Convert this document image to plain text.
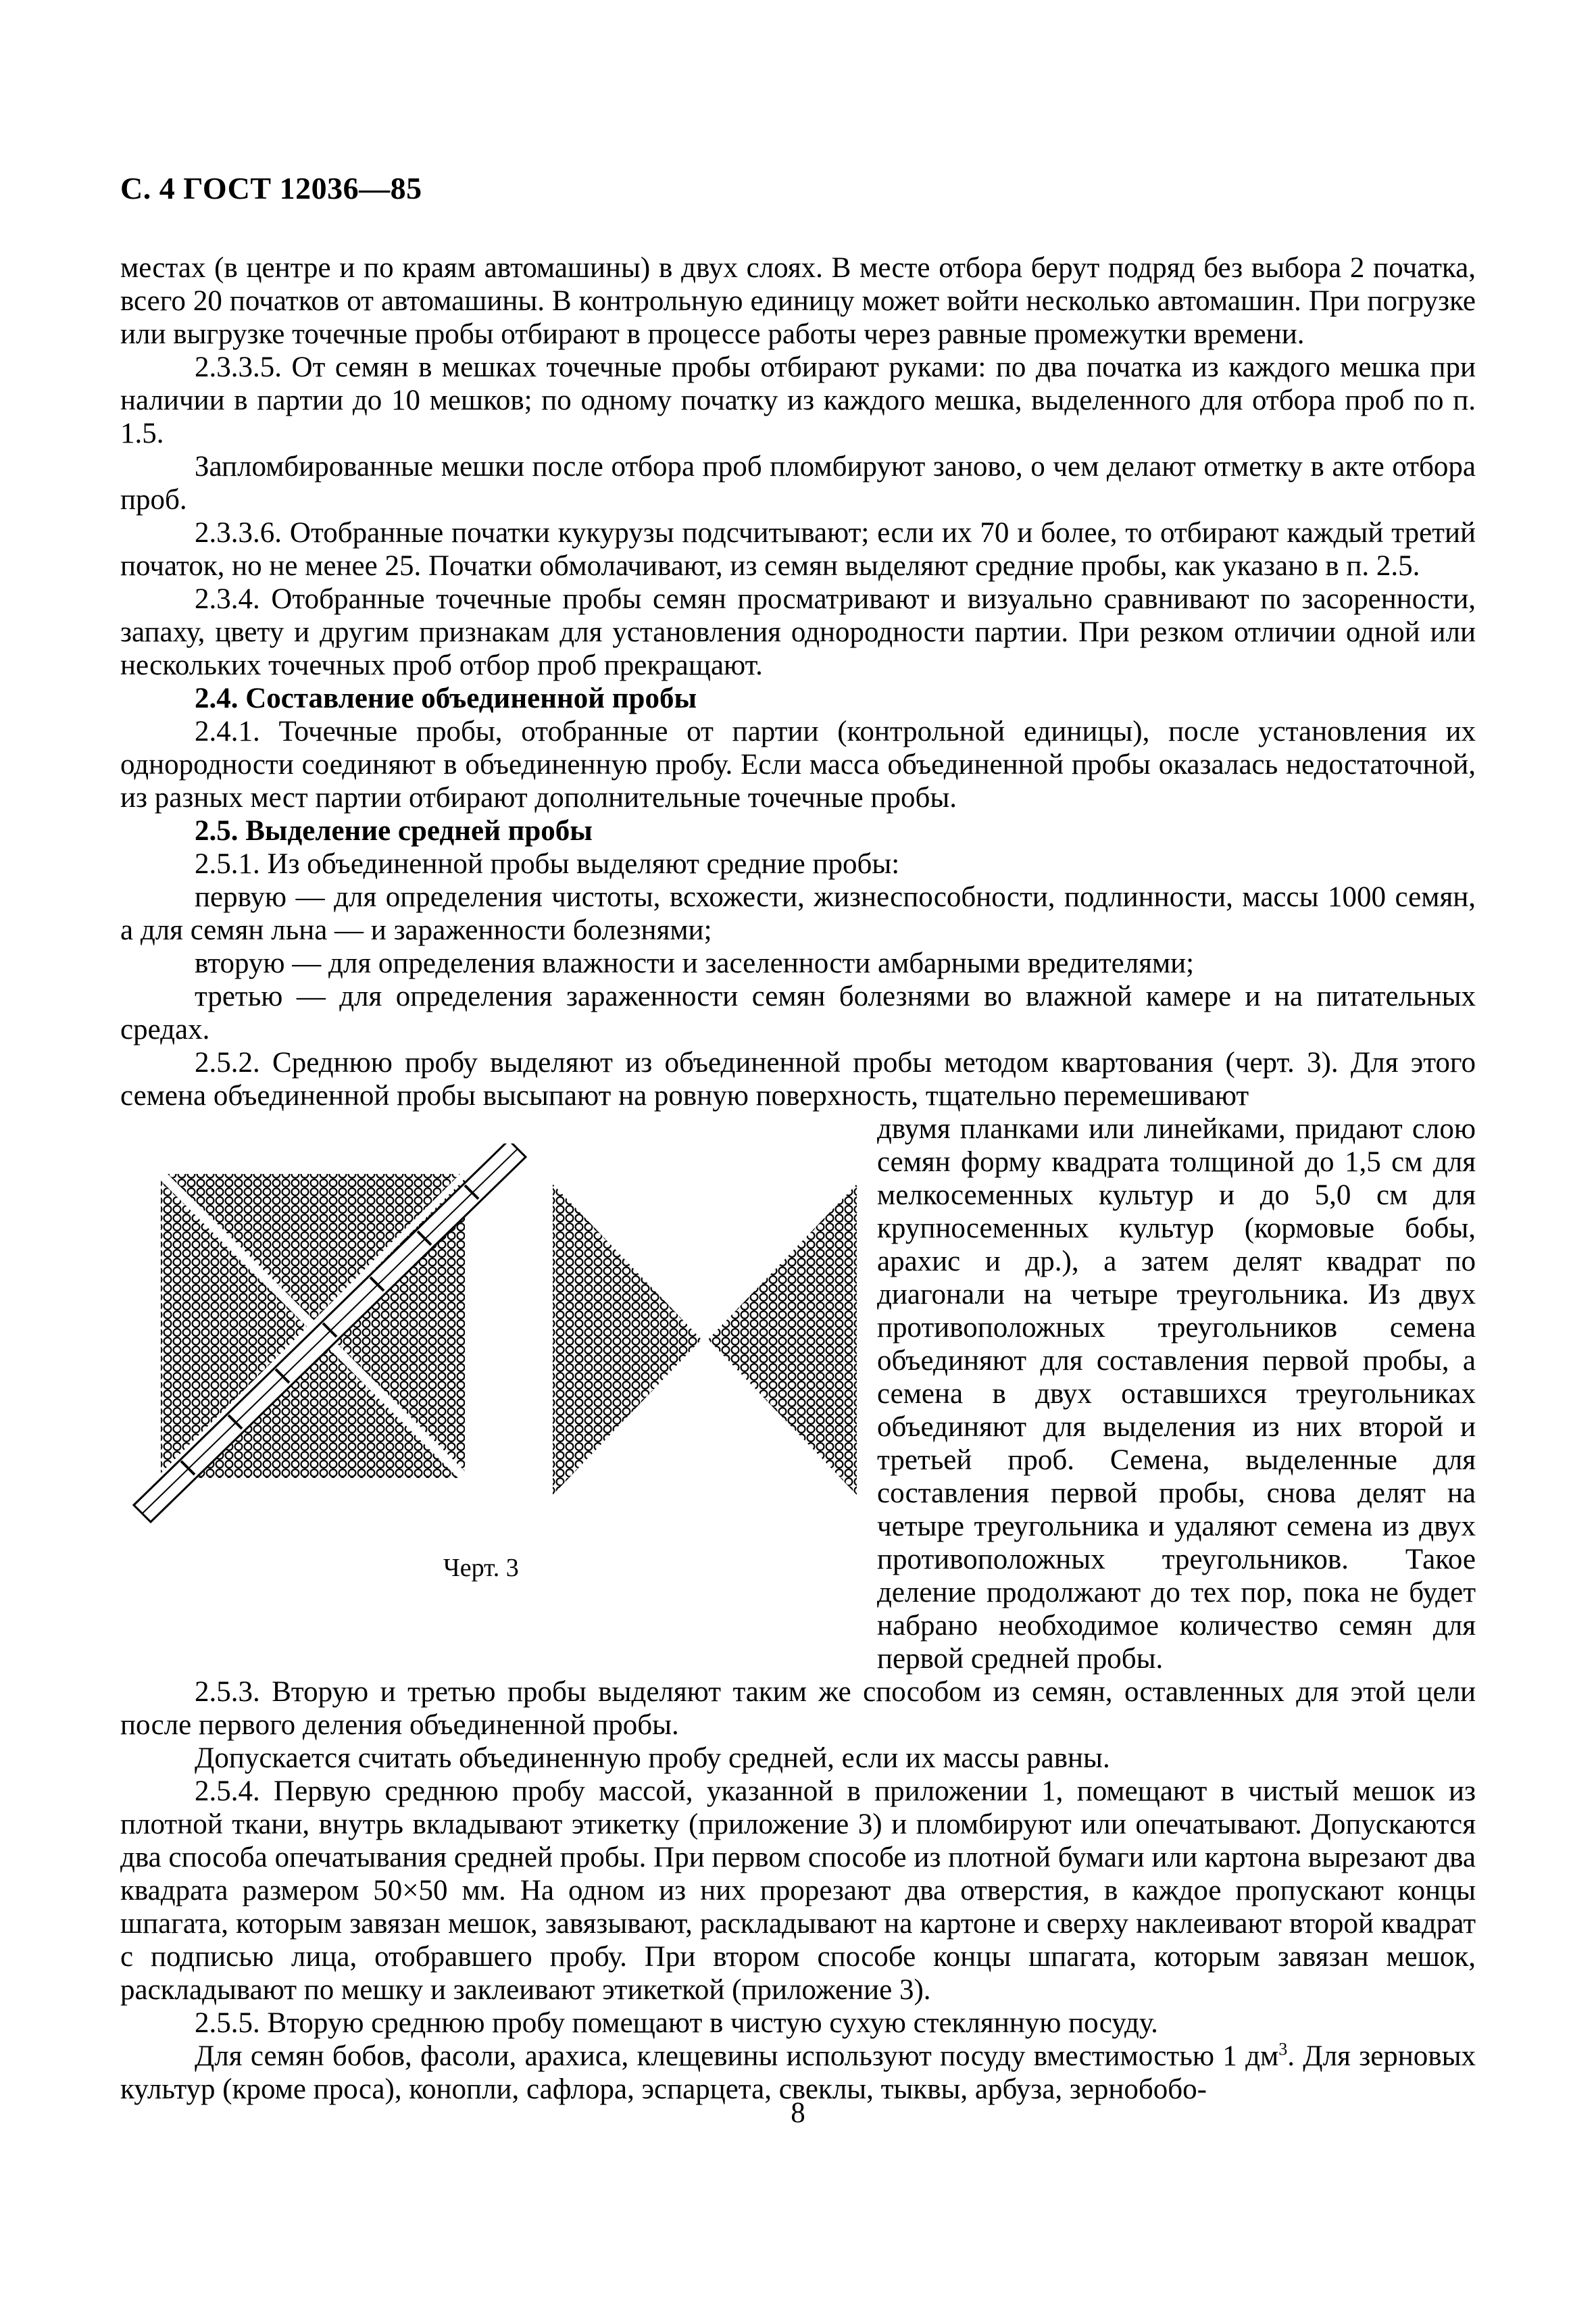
С. 4 ГОСТ 12036—85

местах (в центре и по краям автомашины) в двух слоях. В месте отбора берут подряд без выбора 2 початка, всего 20 початков от автомашины. В контрольную единицу может войти несколько автомашин. При погрузке или выгрузке точечные пробы отбирают в процессе работы через равные промежутки времени.

2.3.3.5. От семян в мешках точечные пробы отбирают руками: по два початка из каждого мешка при наличии в партии до 10 мешков; по одному початку из каждого мешка, выделенного для отбора проб по п. 1.5.

Запломбированные мешки после отбора проб пломбируют заново, о чем делают отметку в акте отбора проб.

2.3.3.6. Отобранные початки кукурузы подсчитывают; если их 70 и более, то отбирают каждый третий початок, но не менее 25. Початки обмолачивают, из семян выделяют средние пробы, как указано в п. 2.5.

2.3.4. Отобранные точечные пробы семян просматривают и визуально сравнивают по засоренности, запаху, цвету и другим признакам для установления однородности партии. При резком отличии одной или нескольких точечных проб отбор проб прекращают.

2.4. Составление объединенной пробы

2.4.1. Точечные пробы, отобранные от партии (контрольной единицы), после установления их однородности соединяют в объединенную пробу. Если масса объединенной пробы оказалась недостаточной, из разных мест партии отбирают дополнительные точечные пробы.

2.5. Выделение средней пробы

2.5.1. Из объединенной пробы выделяют средние пробы:

первую — для определения чистоты, всхожести, жизнеспособности, подлинности, массы 1000 семян, а для семян льна — и зараженности болезнями;

вторую — для определения влажности и заселенности амбарными вредителями;

третью — для определения зараженности семян болезнями во влажной камере и на питательных средах.

2.5.2. Среднюю пробу выделяют из объединенной пробы методом квартования (черт. 3). Для этого семена объединенной пробы высыпают на ровную поверхность, тщательно перемешивают

Черт. 3

двумя планками или линейками, придают слою семян форму квадрата толщиной до 1,5 см для мелкосеменных культур и до 5,0 см для крупносеменных культур (кормовые бобы, арахис и др.), а затем делят квадрат по диагонали на четыре треугольника. Из двух противоположных треугольников семена объединяют для составления первой пробы, а семена в двух оставшихся треугольниках объединяют для выделения из них второй и третьей проб. Семена, выделенные для составления первой пробы, снова делят на четыре треугольника и удаляют семена из двух противоположных треугольников. Такое деление продолжают до тех пор, пока не будет набрано необходимое количество семян для первой средней пробы.

2.5.3. Вторую и третью пробы выделяют таким же способом из семян, оставленных для этой цели после первого деления объединенной пробы.

Допускается считать объединенную пробу средней, если их массы равны.

2.5.4. Первую среднюю пробу массой, указанной в приложении 1, помещают в чистый мешок из плотной ткани, внутрь вкладывают этикетку (приложение 3) и пломбируют или опечатывают. Допускаются два способа опечатывания средней пробы. При первом способе из плотной бумаги или картона вырезают два квадрата размером 50×50 мм. На одном из них прорезают два отверстия, в каждое пропускают концы шпагата, которым завязан мешок, завязывают, раскладывают на картоне и сверху наклеивают второй квадрат с подписью лица, отобравшего пробу. При втором способе концы шпагата, которым завязан мешок, раскладывают по мешку и заклеивают этикеткой (приложение 3).

2.5.5. Вторую среднюю пробу помещают в чистую сухую стеклянную посуду.

Для семян бобов, фасоли, арахиса, клещевины используют посуду вместимостью 1 $дм^3$. Для зерновых культур (кроме проса), конопли, сафлора, эспарцета, свеклы, тыквы, арбуза, зернобобо-

8
